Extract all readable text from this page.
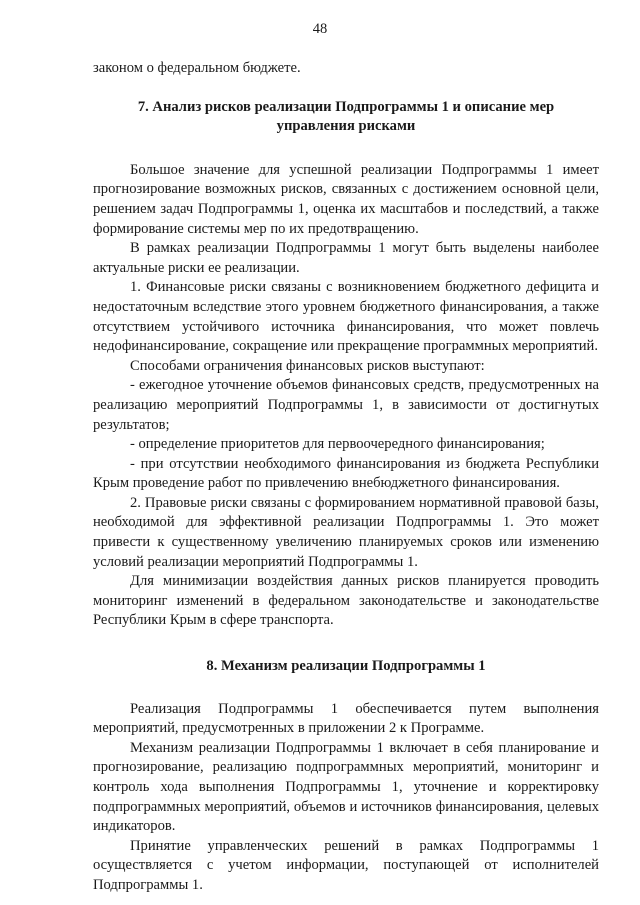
48

законом о федеральном бюджете.

7. Анализ рисков реализации Подпрограммы 1 и описание мер управления рисками

Большое значение для успешной реализации Подпрограммы 1 имеет прогнозирование возможных рисков, связанных с достижением основной цели, решением задач Подпрограммы 1, оценка их масштабов и последствий, а также формирование системы мер по их предотвращению.

В рамках реализации Подпрограммы 1 могут быть выделены наиболее актуальные риски ее реализации.

1. Финансовые риски связаны с возникновением бюджетного дефицита и недостаточным вследствие этого уровнем бюджетного финансирования, а также отсутствием устойчивого источника финансирования, что может повлечь недофинансирование, сокращение или прекращение программных мероприятий.

Способами ограничения финансовых рисков выступают:

- ежегодное уточнение объемов финансовых средств, предусмотренных на реализацию мероприятий Подпрограммы 1, в зависимости от достигнутых результатов;

- определение приоритетов для первоочередного финансирования;

- при отсутствии необходимого финансирования из бюджета Республики Крым проведение работ по привлечению внебюджетного финансирования.

2. Правовые риски связаны с формированием нормативной правовой базы, необходимой для эффективной реализации Подпрограммы 1. Это может привести к существенному увеличению планируемых сроков или изменению условий реализации мероприятий Подпрограммы 1.

Для минимизации воздействия данных рисков планируется проводить мониторинг изменений в федеральном законодательстве и законодательстве Республики Крым в сфере транспорта.

8. Механизм реализации Подпрограммы 1

Реализация Подпрограммы 1 обеспечивается путем выполнения мероприятий, предусмотренных в приложении 2 к Программе.

Механизм реализации Подпрограммы 1 включает в себя планирование и прогнозирование, реализацию подпрограммных мероприятий, мониторинг и контроль хода выполнения Подпрограммы 1, уточнение и корректировку подпрограммных мероприятий, объемов и источников финансирования, целевых индикаторов.

Принятие управленческих решений в рамках Подпрограммы 1 осуществляется с учетом информации, поступающей от исполнителей Подпрограммы 1.
